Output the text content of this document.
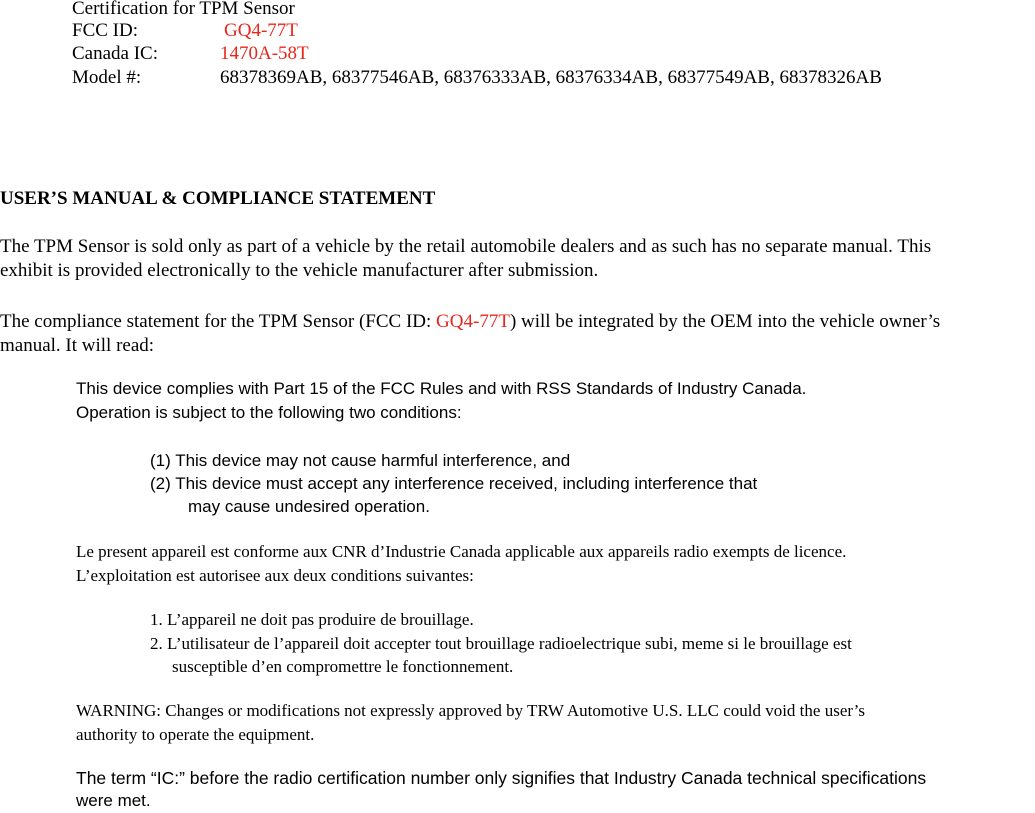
Certification for TPM Sensor
FCC ID:	GQ4-77T
Canada IC:	1470A-58T
Model #:	68378369AB, 68377546AB, 68376333AB, 68376334AB, 68377549AB, 68378326AB
USER’S MANUAL & COMPLIANCE STATEMENT
The TPM Sensor is sold only as part of a vehicle by the retail automobile dealers and as such has no separate manual. This
exhibit is provided electronically to the vehicle manufacturer after submission.
The compliance statement for the TPM Sensor (FCC ID: GQ4-77T) will be integrated by the OEM into the vehicle owner’s
manual. It will read:
This device complies with Part 15 of the FCC Rules and with RSS Standards of Industry Canada.
Operation is subject to the following two conditions:
(1) This device may not cause harmful interference, and
(2) This device must accept any interference received, including interference that
may cause undesired operation.
Le present appareil est conforme aux CNR d’Industrie Canada applicable aux appareils radio exempts de licence.
L’exploitation est autorisee aux deux conditions suivantes:
1. L’appareil ne doit pas produire de brouillage.
2. L’utilisateur de l’appareil doit accepter tout brouillage radioelectrique subi, meme si le brouillage est
susceptible d’en compromettre le fonctionnement.
WARNING: Changes or modifications not expressly approved by TRW Automotive U.S. LLC could void the user’s
authority to operate the equipment.
The term “IC:” before the radio certification number only signifies that Industry Canada technical specifications
were met.
